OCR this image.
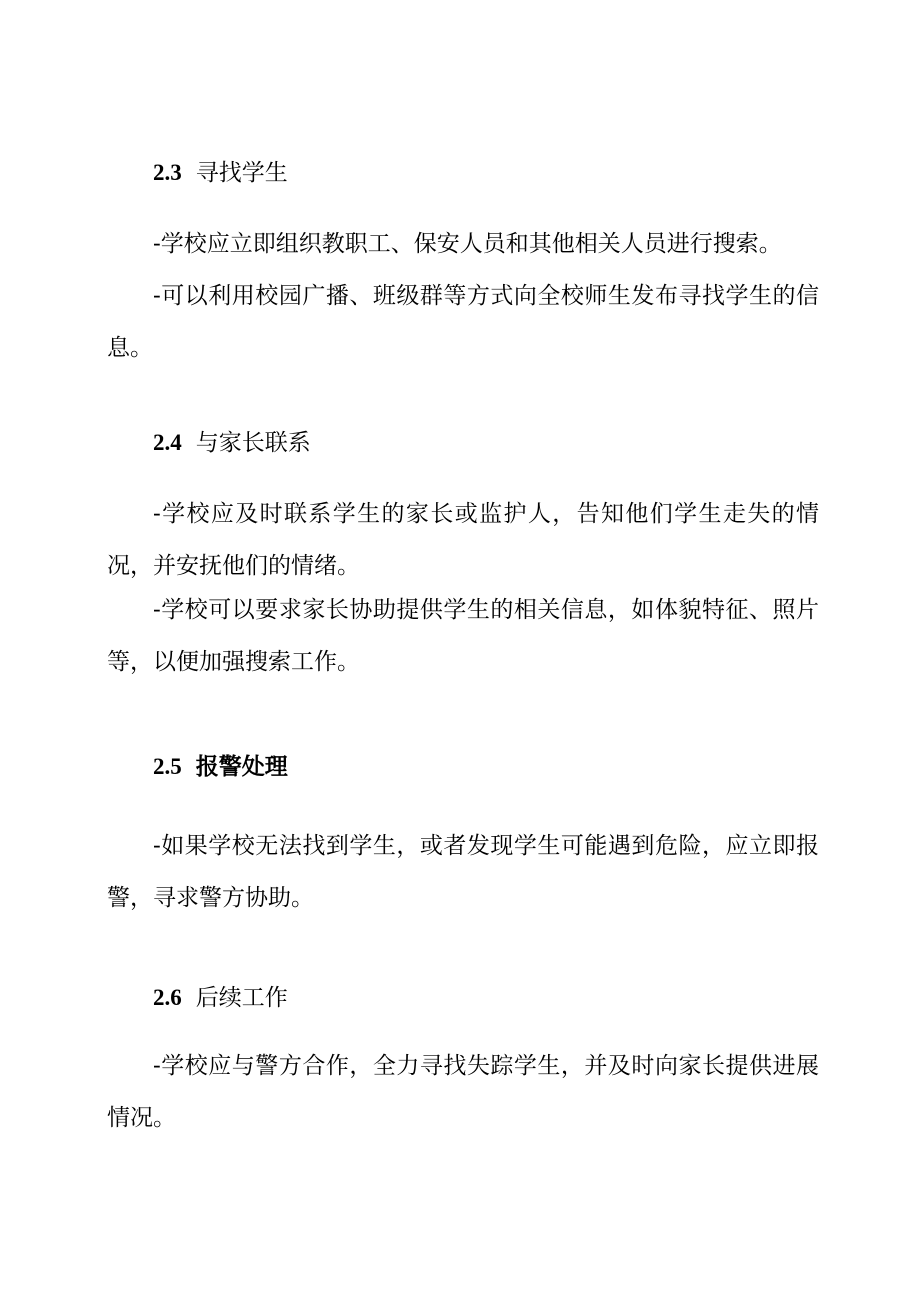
2.3 寻找学生

-学校应立即组织教职工、保安人员和其他相关人员进行搜索。

-可以利用校园广播、班级群等方式向全校师生发布寻找学生的信息。

2.4 与家长联系

-学校应及时联系学生的家长或监护人，告知他们学生走失的情况，并安抚他们的情绪。

-学校可以要求家长协助提供学生的相关信息，如体貌特征、照片等，以便加强搜索工作。

2.5 报警处理

-如果学校无法找到学生，或者发现学生可能遇到危险，应立即报警，寻求警方协助。

2.6 后续工作

-学校应与警方合作，全力寻找失踪学生，并及时向家长提供进展情况。
